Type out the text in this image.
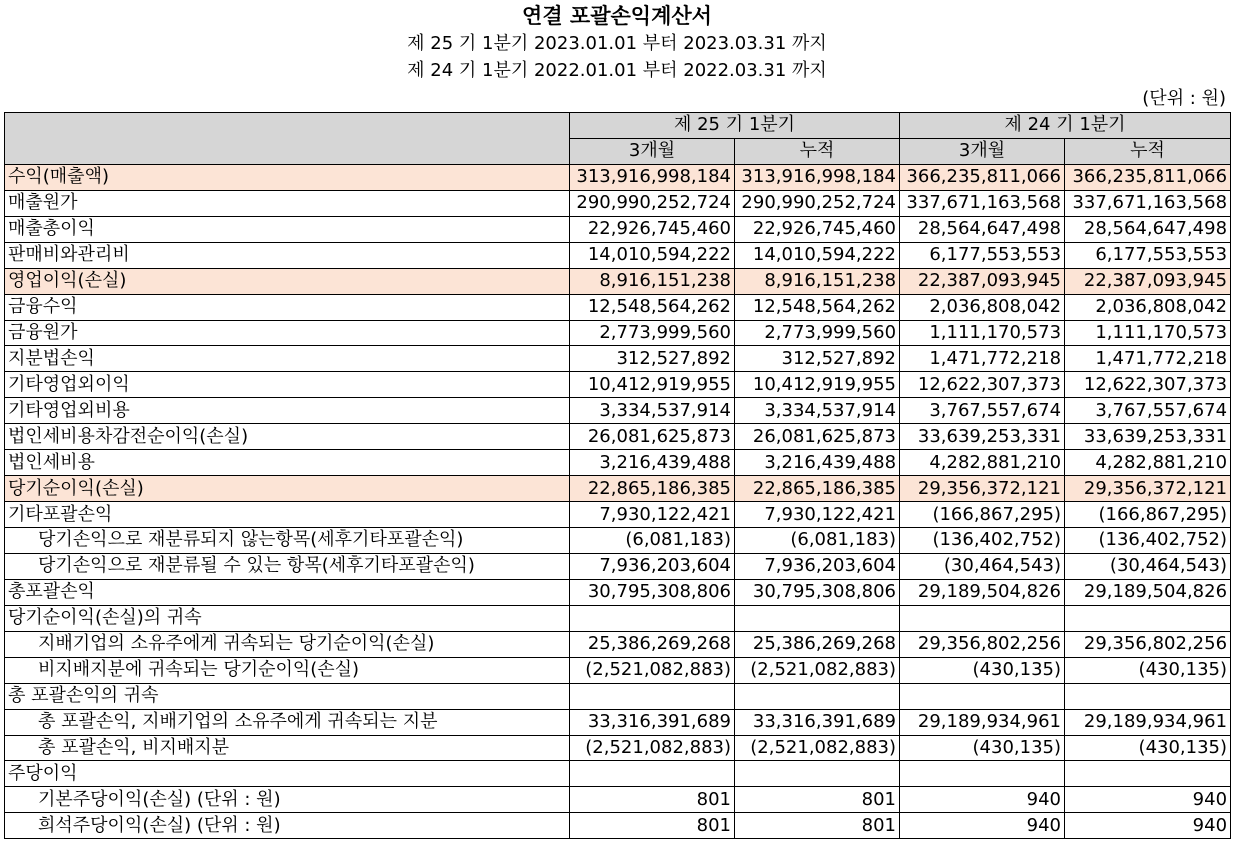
연결 포괄손익계산서
제 25 기 1분기 2023.01.01 부터 2023.03.31 까지
제 24 기 1분기 2022.01.01 부터 2022.03.31 까지
(단위 : 원)
	제 25 기 1분기		제 24 기 1분기	
	3개월	누적	3개월	누적
수익(매출액)	313,916,998,184	313,916,998,184	366,235,811,066	366,235,811,066
매출원가	290,990,252,724	290,990,252,724	337,671,163,568	337,671,163,568
매출총이익	22,926,745,460	22,926,745,460	28,564,647,498	28,564,647,498
판매비와관리비	14,010,594,222	14,010,594,222	6,177,553,553	6,177,553,553
영업이익(손실)	8,916,151,238	8,916,151,238	22,387,093,945	22,387,093,945
금융수익	12,548,564,262	12,548,564,262	2,036,808,042	2,036,808,042
금융원가	2,773,999,560	2,773,999,560	1,111,170,573	1,111,170,573
지분법손익	312,527,892	312,527,892	1,471,772,218	1,471,772,218
기타영업외이익	10,412,919,955	10,412,919,955	12,622,307,373	12,622,307,373
기타영업외비용	3,334,537,914	3,334,537,914	3,767,557,674	3,767,557,674
법인세비용차감전순이익(손실)	26,081,625,873	26,081,625,873	33,639,253,331	33,639,253,331
법인세비용	3,216,439,488	3,216,439,488	4,282,881,210	4,282,881,210
당기순이익(손실)	22,865,186,385	22,865,186,385	29,356,372,121	29,356,372,121
기타포괄손익	7,930,122,421	7,930,122,421	(166,867,295)	(166,867,295)
당기손익으로 재분류되지 않는항목(세후기타포괄손익)	(6,081,183)	(6,081,183)	(136,402,752)	(136,402,752)
당기손익으로 재분류될 수 있는 항목(세후기타포괄손익)	7,936,203,604	7,936,203,604	(30,464,543)	(30,464,543)
총포괄손익	30,795,308,806	30,795,308,806	29,189,504,826	29,189,504,826
당기순이익(손실)의 귀속				
지배기업의 소유주에게 귀속되는 당기순이익(손실)	25,386,269,268	25,386,269,268	29,356,802,256	29,356,802,256
비지배지분에 귀속되는 당기순이익(손실)	(2,521,082,883)	(2,521,082,883)	(430,135)	(430,135)
총 포괄손익의 귀속				
총 포괄손익, 지배기업의 소유주에게 귀속되는 지분	33,316,391,689	33,316,391,689	29,189,934,961	29,189,934,961
총 포괄손익, 비지배지분	(2,521,082,883)	(2,521,082,883)	(430,135)	(430,135)
주당이익				
기본주당이익(손실) (단위 : 원)	801	801	940	940
희석주당이익(손실) (단위 : 원)	801	801	940	940
